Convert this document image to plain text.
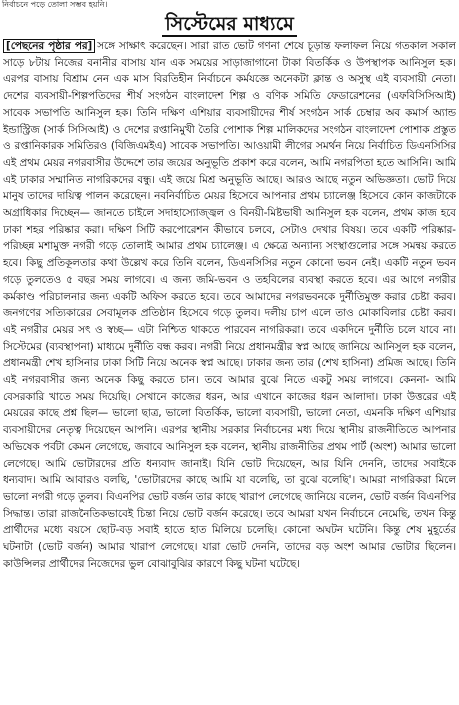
নির্বাচনে পড়ে তোলা সম্ভব হয়নি।
সিস্টেমের মাধ্যমে

[পেছনের পৃষ্ঠার পর] সঙ্গে সাক্ষাৎ করেছেন। সারা রাত ভোট গণনা শেষে চূড়ান্ত ফলাফল নিয়ে গতকাল সকাল সাড়ে ৮টায় নিজের বনানীর বাসায় যান এক সময়ের সাড়াজাগানো টাকা বিতর্কিক ও উপস্থাপক আনিসুল হক। এরপর বাসায় বিশ্রাম নেন এক মাস বিরতিহীন নির্বাচনে কর্মযজ্ঞে অনেকটা ক্লান্ত ও অসুস্থ এই ব্যবসায়ী নেতা। দেশের ব্যবসায়ী-শিল্পপতিদের শীর্ষ সংগঠন বাংলাদেশ শিল্প ও বণিক সমিতি ফেডারেশনের (এফবিসিসিআই) সাবেক সভাপতি আনিসুল হক। তিনি দক্ষিণ এশিয়ার ব্যবসায়ীদের শীর্ষ সংগঠন সার্ক চেম্বার অব কমার্স অ্যান্ড ইন্ডাস্ট্রিজ (সার্ক সিসিআই) ও দেশের রপ্তানিমুখী তৈরি পোশাক শিল্প মালিকদের সংগঠন বাংলাদেশ পোশাক প্রস্তুত ও রপ্তানিকারক সমিতিরও (বিজিএমইএ) সাবেক সভাপতি। আওয়ামী লীগের সমর্থন নিয়ে নির্বাচিত ডিএনসিসির এই প্রথম মেয়র নগরবাসীর উদ্দেশে তার জয়ের অনুভূতি প্রকাশ করে বলেন, আমি নগরপিতা হতে আসিনি। আমি এই ঢাকার সম্মানিত নাগরিকদের বন্ধু। এই জয়ে মিশ্র অনুভূতি আছে। আরও আছে নতুন অভিজ্ঞতা। ভোট দিয়ে মানুষ তাদের দায়িত্ব পালন করেছেন। নবনির্বাচিত মেয়র হিসেবে আপনার প্রথম চ্যালেঞ্জ হিসেবে কোন কাজটাকে অগ্রাধিকার দিচ্ছেন— জানতে চাইলে সদাহাস্যোজ্জ্বল ও বিনয়ী-মিষ্টভাষী আনিসুল হক বলেন, প্রথম কাজ হবে ঢাকা শহর পরিষ্কার করা। দক্ষিণ সিটি করপোরেশন কীভাবে চলবে, সেটাও দেখার বিষয়। তবে একটি পরিষ্কার-পরিচ্ছন্ন মশামুক্ত নগরী গড়ে তোলাই আমার প্রথম চ্যালেঞ্জ। এ ক্ষেত্রে অন্যান্য সংস্থাগুলোর সঙ্গে সমন্বয় করতে হবে। কিছু প্রতিকূলতার কথা উল্লেখ করে তিনি বলেন, ডিএনসিসির নতুন কোনো ভবন নেই। একটি নতুন ভবন গড়ে তুলতেও ৫ বছর সময় লাগবে। এ জন্য জমি-ভবন ও তহবিলের ব্যবস্থা করতে হবে। এর আগে নগরীর কর্মকাণ্ড পরিচালনার জন্য একটি অফিস করতে হবে। তবে আমাদের নগরভবনকে দুর্নীতিমুক্ত করার চেষ্টা করব। জনগণের সত্যিকারের সেবামূলক প্রতিষ্ঠান হিসেবে গড়ে তুলব। দলীয় চাপ এলে তাও মোকাবিলার চেষ্টা করব। এই নগরীর মেয়র সৎ ও স্বচ্ছ— এটা নিশ্চিত থাকতে পারবেন নাগরিকরা। তবে একদিনে দুর্নীতি চলে যাবে না। সিস্টেমের (ব্যবস্থাপনা) মাধ্যমে দুর্নীতি বন্ধ করব। নগরী নিয়ে প্রধানমন্ত্রীর স্বপ্ন আছে জানিয়ে আনিসুল হক বলেন, প্রধানমন্ত্রী শেখ হাসিনার ঢাকা সিটি নিয়ে অনেক স্বপ্ন আছে। ঢাকার জন্য তার (শেখ হাসিনা) প্রমিজ আছে। তিনি এই নগরবাসীর জন্য অনেক কিছু করতে চান। তবে আমার বুঝে নিতে একটু সময় লাগবে। কেননা- আমি বেসরকারি খাতে সময় দিয়েছি। সেখানে কাজের ধরন, আর এখানে কাজের ধরন আলাদা। ঢাকা উত্তরের এই মেয়রের কাছে প্রশ্ন ছিল— ভালো ছাত্র, ভালো বিতর্কিক, ভালো ব্যবসায়ী, ভালো নেতা, এমনকি দক্ষিণ এশিয়ার ব্যবসায়ীদের নেতৃত্ব দিয়েছেন আপনি। এরপর স্থানীয় সরকার নির্বাচনের মধ্য দিয়ে স্থানীয় রাজনীতিতে আপনার অভিষেক পর্বটা কেমন লেগেছে, জবাবে আনিসুল হক বলেন, স্থানীয় রাজনীতির প্রথম পার্ট (অংশ) আমার ভালো লেগেছে। আমি ভোটারদের প্রতি ধন্যবাদ জানাই। যিনি ভোট দিয়েছেন, আর যিনি দেননি, তাদের সবাইকে ধন্যবাদ। আমি আবারও বলছি, 'ভোটারদের কাছে আমি যা বলেছি, তা বুঝে বলেছি'। আমরা নাগরিকরা মিলে ভালো নগরী গড়ে তুলব। বিএনপির ভোট বর্জন তার কাছে খারাপ লেগেছে জানিয়ে বলেন, ভোট বর্জন বিএনপির সিদ্ধান্ত। তারা রাজনৈতিকভাবেই চিন্তা নিয়ে ভোট বর্জন করেছে। তবে আমরা যখন নির্বাচনে নেমেছি, তখন কিন্তু প্রার্থীদের মধ্যে বয়সে ছোট-বড় সবাই হাতে হাত মিলিয়ে চলেছি। কোনো অঘটন ঘটেনি। কিন্তু শেষ মুহূর্তের ঘটনাটা (ভোট বর্জন) আমার খারাপ লেগেছে। যারা ভোট দেননি, তাদের বড় অংশ আমার ভোটার ছিলেন। কাউন্সিলর প্রার্থীদের নিজেদের ভুল বোঝাবুঝির কারণে কিছু ঘটনা ঘটেছে।
